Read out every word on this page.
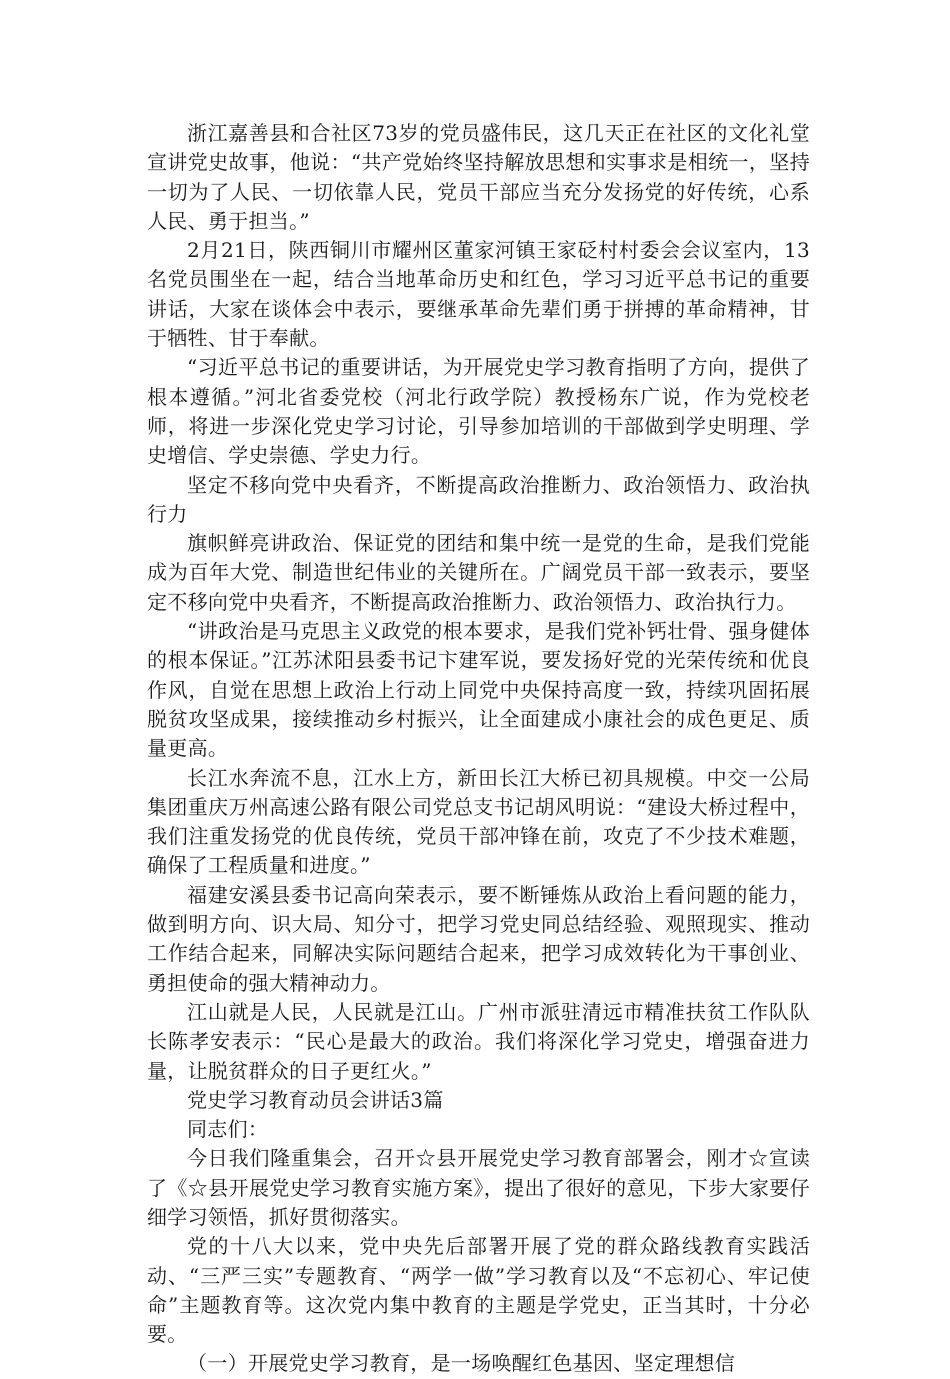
浙江嘉善县和合社区73岁的党员盛伟民，这几天正在社区的文化礼堂宣讲党史故事，他说：“共产党始终坚持解放思想和实事求是相统一，坚持一切为了人民、一切依靠人民，党员干部应当充分发扬党的好传统，心系人民、勇于担当。”

2月21日，陕西铜川市耀州区董家河镇王家砭村村委会会议室内，13名党员围坐在一起，结合当地革命历史和红色，学习习近平总书记的重要讲话，大家在谈体会中表示，要继承革命先辈们勇于拼搏的革命精神，甘于牺牲、甘于奉献。

“习近平总书记的重要讲话，为开展党史学习教育指明了方向，提供了根本遵循。”河北省委党校（河北行政学院）教授杨东广说，作为党校老师，将进一步深化党史学习讨论，引导参加培训的干部做到学史明理、学史增信、学史崇德、学史力行。

坚定不移向党中央看齐，不断提高政治推断力、政治领悟力、政治执行力

旗帜鲜亮讲政治、保证党的团结和集中统一是党的生命，是我们党能成为百年大党、制造世纪伟业的关键所在。广阔党员干部一致表示，要坚定不移向党中央看齐，不断提高政治推断力、政治领悟力、政治执行力。

“讲政治是马克思主义政党的根本要求，是我们党补钙壮骨、强身健体的根本保证。”江苏沭阳县委书记卞建军说，要发扬好党的光荣传统和优良作风，自觉在思想上政治上行动上同党中央保持高度一致，持续巩固拓展脱贫攻坚成果，接续推动乡村振兴，让全面建成小康社会的成色更足、质量更高。

长江水奔流不息，江水上方，新田长江大桥已初具规模。中交一公局集团重庆万州高速公路有限公司党总支书记胡风明说：“建设大桥过程中，我们注重发扬党的优良传统，党员干部冲锋在前，攻克了不少技术难题，确保了工程质量和进度。”

福建安溪县委书记高向荣表示，要不断锤炼从政治上看问题的能力，做到明方向、识大局、知分寸，把学习党史同总结经验、观照现实、推动工作结合起来，同解决实际问题结合起来，把学习成效转化为干事创业、勇担使命的强大精神动力。

江山就是人民，人民就是江山。广州市派驻清远市精准扶贫工作队队长陈孝安表示：“民心是最大的政治。我们将深化学习党史，增强奋进力量，让脱贫群众的日子更红火。”

党史学习教育动员会讲话3篇

同志们：

今日我们隆重集会，召开☆县开展党史学习教育部署会，刚才☆宣读了《☆县开展党史学习教育实施方案》，提出了很好的意见，下步大家要仔细学习领悟，抓好贯彻落实。

党的十八大以来，党中央先后部署开展了党的群众路线教育实践活动、“三严三实”专题教育、“两学一做”学习教育以及“不忘初心、牢记使命”主题教育等。这次党内集中教育的主题是学党史，正当其时，十分必要。

（一）开展党史学习教育，是一场唤醒红色基因、坚定理想信
